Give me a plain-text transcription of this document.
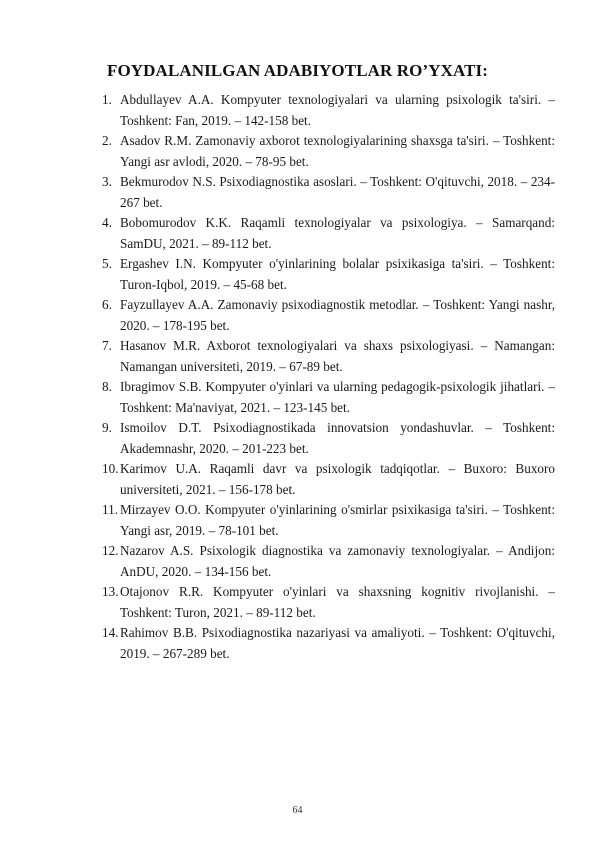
FOYDALANILGAN ADABIYOTLAR RO’YXATI:
1. Abdullayev A.A. Kompyuter texnologiyalari va ularning psixologik ta'siri. – Toshkent: Fan, 2019. – 142-158 bet.
2. Asadov R.M. Zamonaviy axborot texnologiyalarining shaxsga ta'siri. – Toshkent: Yangi asr avlodi, 2020. – 78-95 bet.
3. Bekmurodov N.S. Psixodiagnostika asoslari. – Toshkent: O'qituvchi, 2018. – 234-267 bet.
4. Bobomurodov K.K. Raqamli texnologiyalar va psixologiya. – Samarqand: SamDU, 2021. – 89-112 bet.
5. Ergashev I.N. Kompyuter o'yinlarining bolalar psixikasiga ta'siri. – Toshkent: Turon-Iqbol, 2019. – 45-68 bet.
6. Fayzullayev A.A. Zamonaviy psixodiagnostik metodlar. – Toshkent: Yangi nashr, 2020. – 178-195 bet.
7. Hasanov M.R. Axborot texnologiyalari va shaxs psixologiyasi. – Namangan: Namangan universiteti, 2019. – 67-89 bet.
8. Ibragimov S.B. Kompyuter o'yinlari va ularning pedagogik-psixologik jihatlari. – Toshkent: Ma'naviyat, 2021. – 123-145 bet.
9. Ismoilov D.T. Psixodiagnostikada innovatsion yondashuvlar. – Toshkent: Akademnashr, 2020. – 201-223 bet.
10. Karimov U.A. Raqamli davr va psixologik tadqiqotlar. – Buxoro: Buxoro universiteti, 2021. – 156-178 bet.
11. Mirzayev O.O. Kompyuter o'yinlarining o'smirlar psixikasiga ta'siri. – Toshkent: Yangi asr, 2019. – 78-101 bet.
12. Nazarov A.S. Psixologik diagnostika va zamonaviy texnologiyalar. – Andijon: AnDU, 2020. – 134-156 bet.
13. Otajonov R.R. Kompyuter o'yinlari va shaxsning kognitiv rivojlanishi. – Toshkent: Turon, 2021. – 89-112 bet.
14. Rahimov B.B. Psixodiagnostika nazariyasi va amaliyoti. – Toshkent: O'qituvchi, 2019. – 267-289 bet.
64
